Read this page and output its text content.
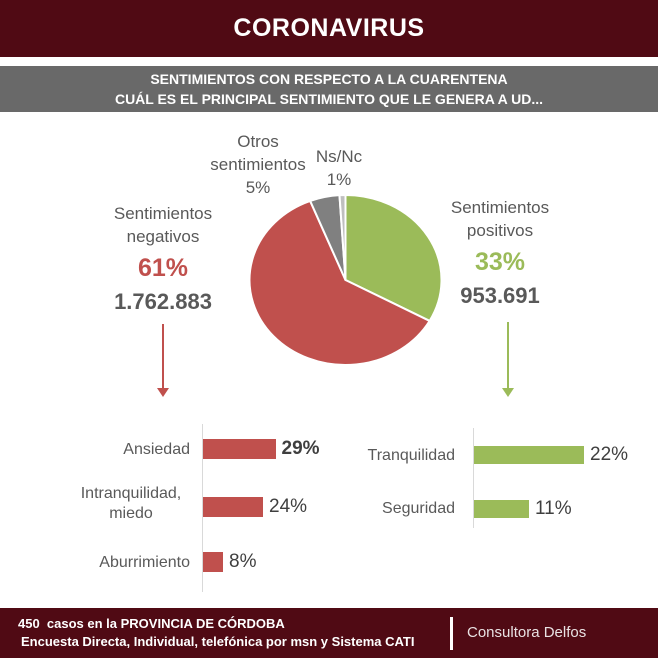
CORONAVIRUS
SENTIMIENTOS CON RESPECTO A LA CUARENTENA
CUÁL ES EL PRINCIPAL SENTIMIENTO QUE LE GENERA A UD...
Otros
sentimientos
5%
Ns/Nc
1%
Sentimientos
negativos
61%
1.762.883
Sentimientos
positivos
33%
953.691
Ansiedad
Intranquilidad, miedo
Aburrimiento
29%
24%
8%
Tranquilidad
Seguridad
22%
11%
450  casos en la PROVINCIA DE CÓRDOBA
Encuesta Directa, Individual, telefónica por msn y Sistema CATI
Consultora Delfos
